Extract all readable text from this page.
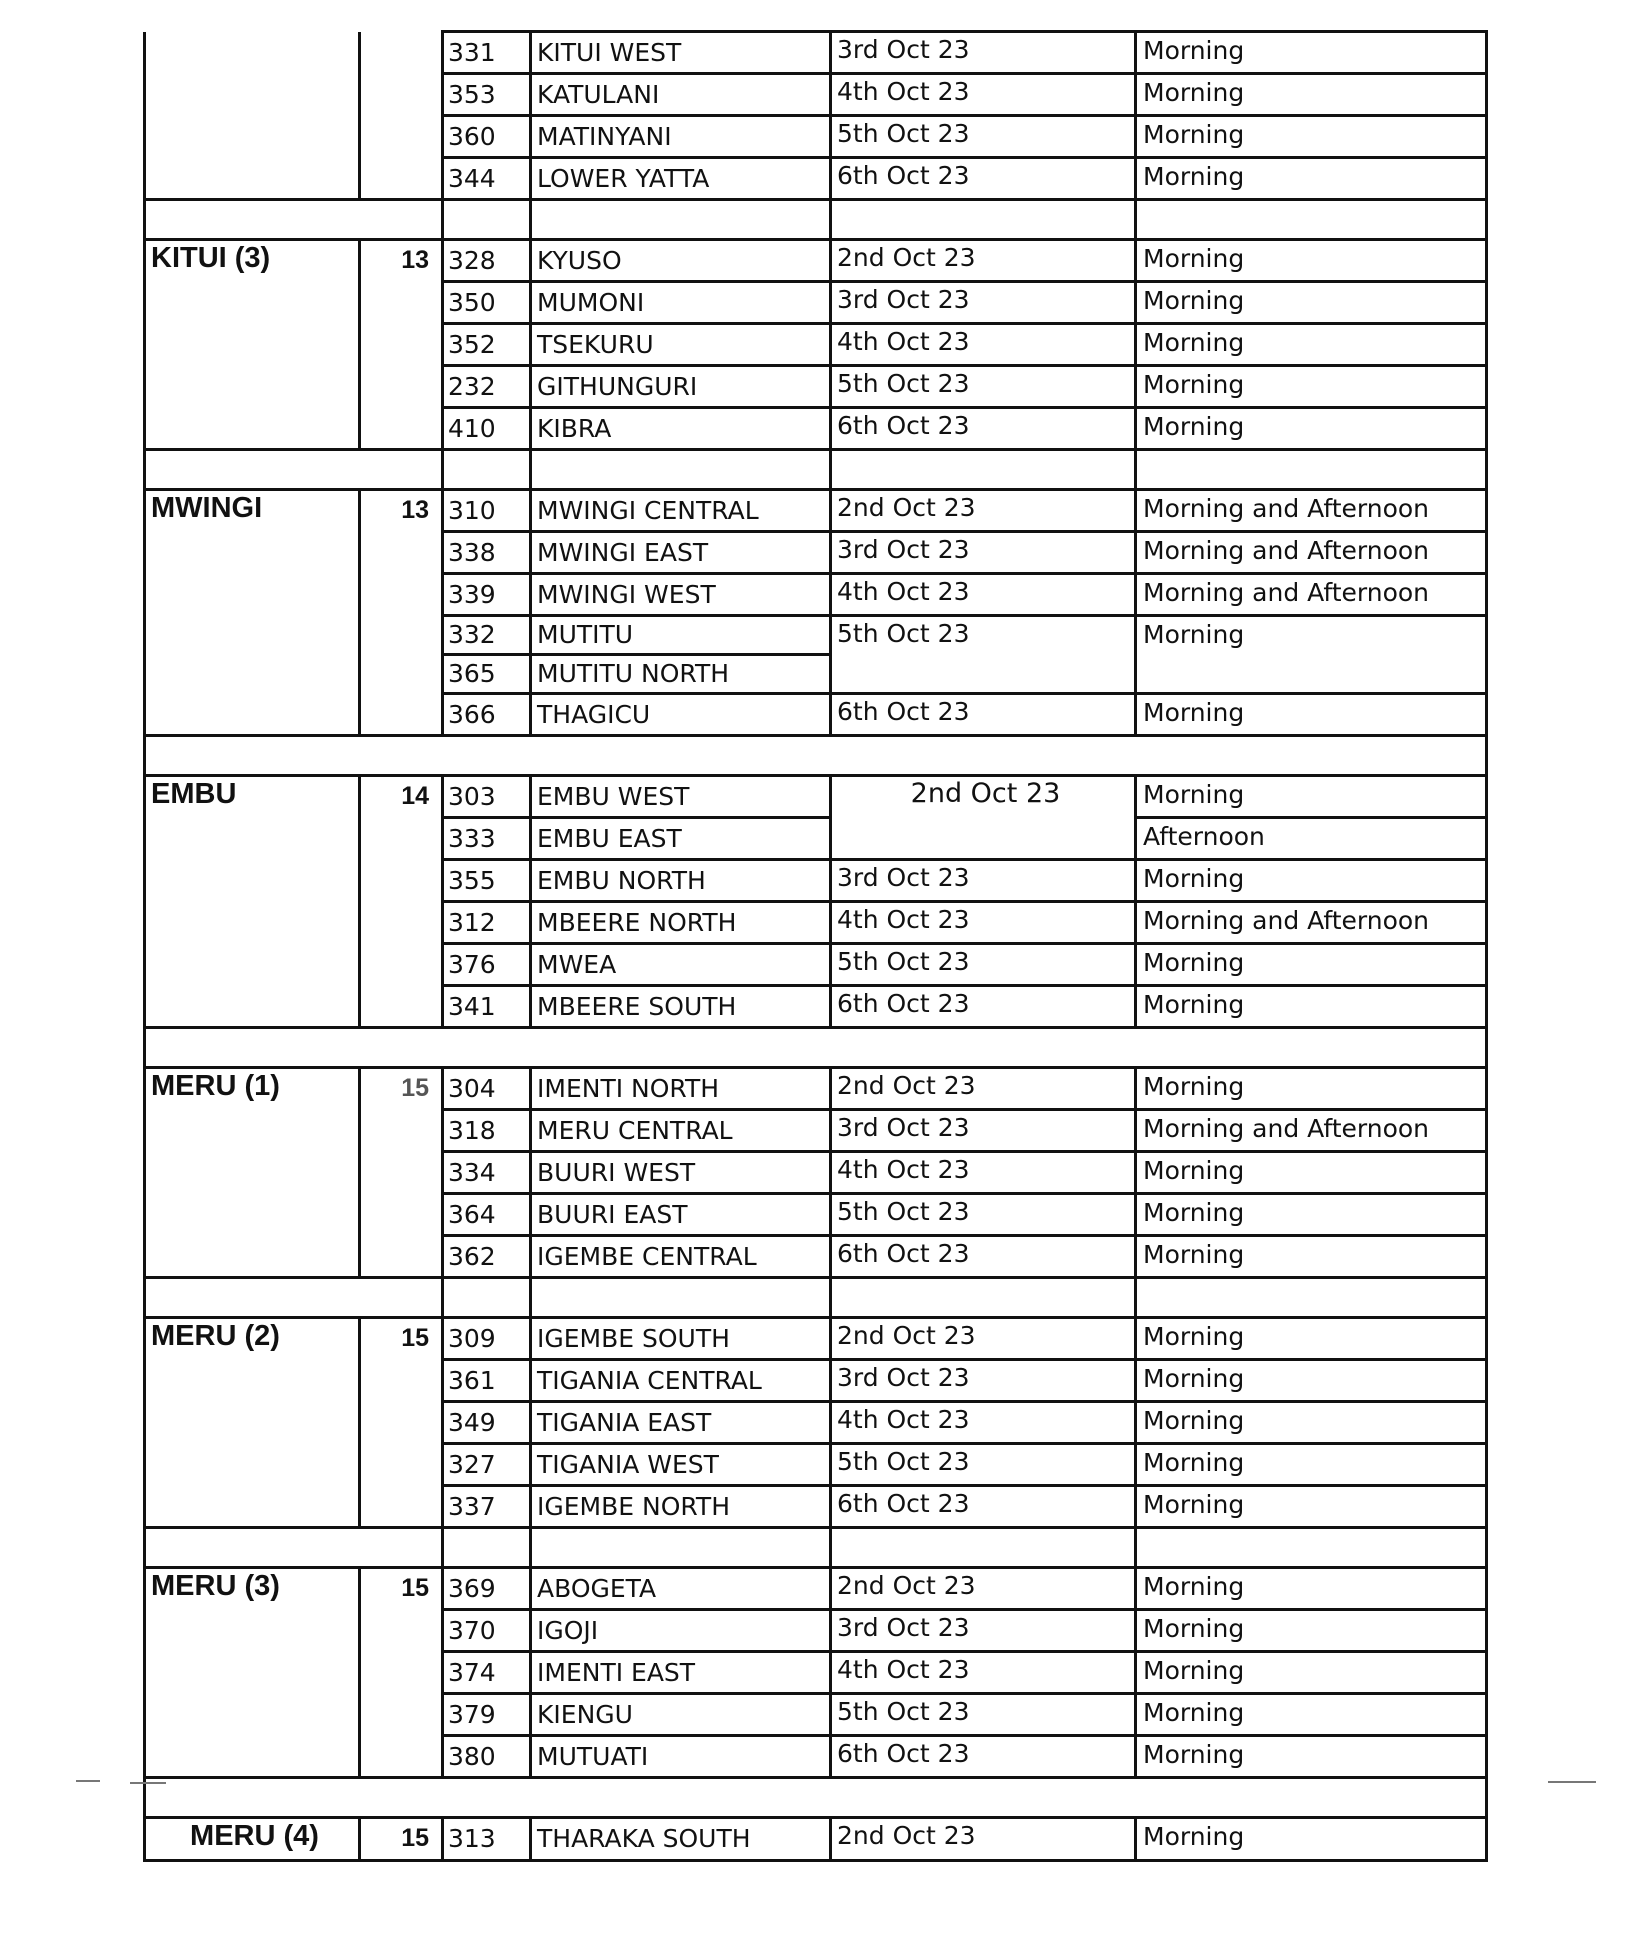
		331	KITUI WEST	3rd Oct 23	Morning
		353	KATULANI	4th Oct 23	Morning
		360	MATINYANI	5th Oct 23	Morning
		344	LOWER YATTA	6th Oct 23	Morning

KITUI (3)	13	328	KYUSO	2nd Oct 23	Morning
		350	MUMONI	3rd Oct 23	Morning
		352	TSEKURU	4th Oct 23	Morning
		232	GITHUNGURI	5th Oct 23	Morning
		410	KIBRA	6th Oct 23	Morning

MWINGI	13	310	MWINGI CENTRAL	2nd Oct 23	Morning and Afternoon
		338	MWINGI EAST	3rd Oct 23	Morning and Afternoon
		339	MWINGI WEST	4th Oct 23	Morning and Afternoon
		332	MUTITU	5th Oct 23	Morning
		365	MUTITU NORTH		
		366	THAGICU	6th Oct 23	Morning

EMBU	14	303	EMBU WEST	2nd Oct 23	Morning
		333	EMBU EAST		Afternoon
		355	EMBU NORTH	3rd Oct 23	Morning
		312	MBEERE NORTH	4th Oct 23	Morning and Afternoon
		376	MWEA	5th Oct 23	Morning
		341	MBEERE SOUTH	6th Oct 23	Morning

MERU (1)	15	304	IMENTI NORTH	2nd Oct 23	Morning
		318	MERU CENTRAL	3rd Oct 23	Morning and Afternoon
		334	BUURI WEST	4th Oct 23	Morning
		364	BUURI EAST	5th Oct 23	Morning
		362	IGEMBE CENTRAL	6th Oct 23	Morning

MERU (2)	15	309	IGEMBE SOUTH	2nd Oct 23	Morning
		361	TIGANIA CENTRAL	3rd Oct 23	Morning
		349	TIGANIA EAST	4th Oct 23	Morning
		327	TIGANIA WEST	5th Oct 23	Morning
		337	IGEMBE NORTH	6th Oct 23	Morning

MERU (3)	15	369	ABOGETA	2nd Oct 23	Morning
		370	IGOJI	3rd Oct 23	Morning
		374	IMENTI EAST	4th Oct 23	Morning
		379	KIENGU	5th Oct 23	Morning
		380	MUTUATI	6th Oct 23	Morning

MERU (4)	15	313	THARAKA SOUTH	2nd Oct 23	Morning
